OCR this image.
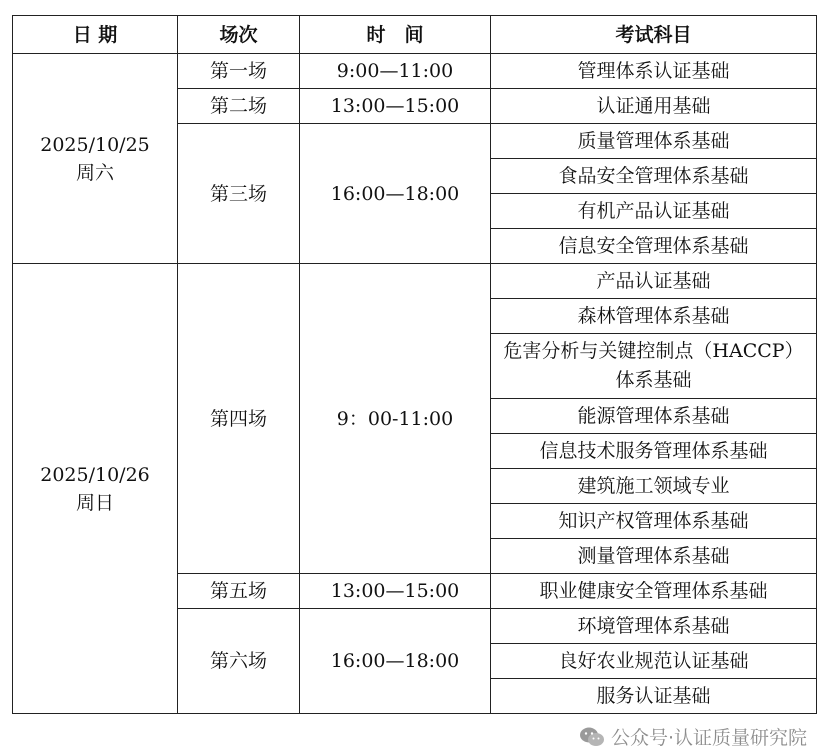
日 期	场次	时　间	考试科目

2025/10/25
周六	第一场	9:00—11:00	管理体系认证基础
	第二场	13:00—15:00	认证通用基础
	第三场	16:00—18:00	质量管理体系基础
			食品安全管理体系基础
			有机产品认证基础
			信息安全管理体系基础

2025/10/26
周日	第四场	9：00-11:00	产品认证基础
			森林管理体系基础
			危害分析与关键控制点（HACCP）体系基础
			能源管理体系基础
			信息技术服务管理体系基础
			建筑施工领域专业
			知识产权管理体系基础
			测量管理体系基础
	第五场	13:00—15:00	职业健康安全管理体系基础
	第六场	16:00—18:00	环境管理体系基础
			良好农业规范认证基础
			服务认证基础
公众号·认证质量研究院
